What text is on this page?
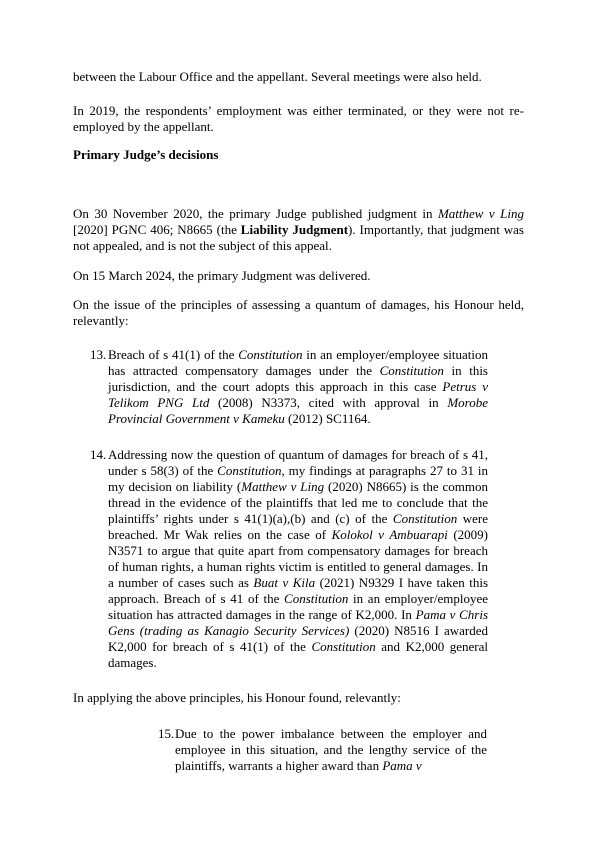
between the Labour Office and the appellant. Several meetings were also held.

In 2019, the respondents’ employment was either terminated, or they were not re-employed by the appellant.

Primary Judge’s decisions

On 30 November 2020, the primary Judge published judgment in Matthew v Ling [2020] PGNC 406; N8665 (the Liability Judgment). Importantly, that judgment was not appealed, and is not the subject of this appeal.

On 15 March 2024, the primary Judgment was delivered.

On the issue of the principles of assessing a quantum of damages, his Honour held, relevantly:

13. Breach of s 41(1) of the Constitution in an employer/employee situation has attracted compensatory damages under the Constitution in this jurisdiction, and the court adopts this approach in this case Petrus v Telikom PNG Ltd (2008) N3373, cited with approval in Morobe Provincial Government v Kameku (2012) SC1164.
14. Addressing now the question of quantum of damages for breach of s 41, under s 58(3) of the Constitution, my findings at paragraphs 27 to 31 in my decision on liability (Matthew v Ling (2020) N8665) is the common thread in the evidence of the plaintiffs that led me to conclude that the plaintiffs’ rights under s 41(1)(a),(b) and (c) of the Constitution were breached. Mr Wak relies on the case of Kolokol v Ambuarapi (2009) N3571 to argue that quite apart from compensatory damages for breach of human rights, a human rights victim is entitled to general damages. In a number of cases such as Buat v Kila (2021) N9329 I have taken this approach. Breach of s 41 of the Constitution in an employer/employee situation has attracted damages in the range of K2,000. In Pama v Chris Gens (trading as Kanagio Security Services) (2020) N8516 I awarded K2,000 for breach of s 41(1) of the Constitution and K2,000 general damages.

In applying the above principles, his Honour found, relevantly:

15. Due to the power imbalance between the employer and employee in this situation, and the lengthy service of the plaintiffs, warrants a higher award than Pama v
